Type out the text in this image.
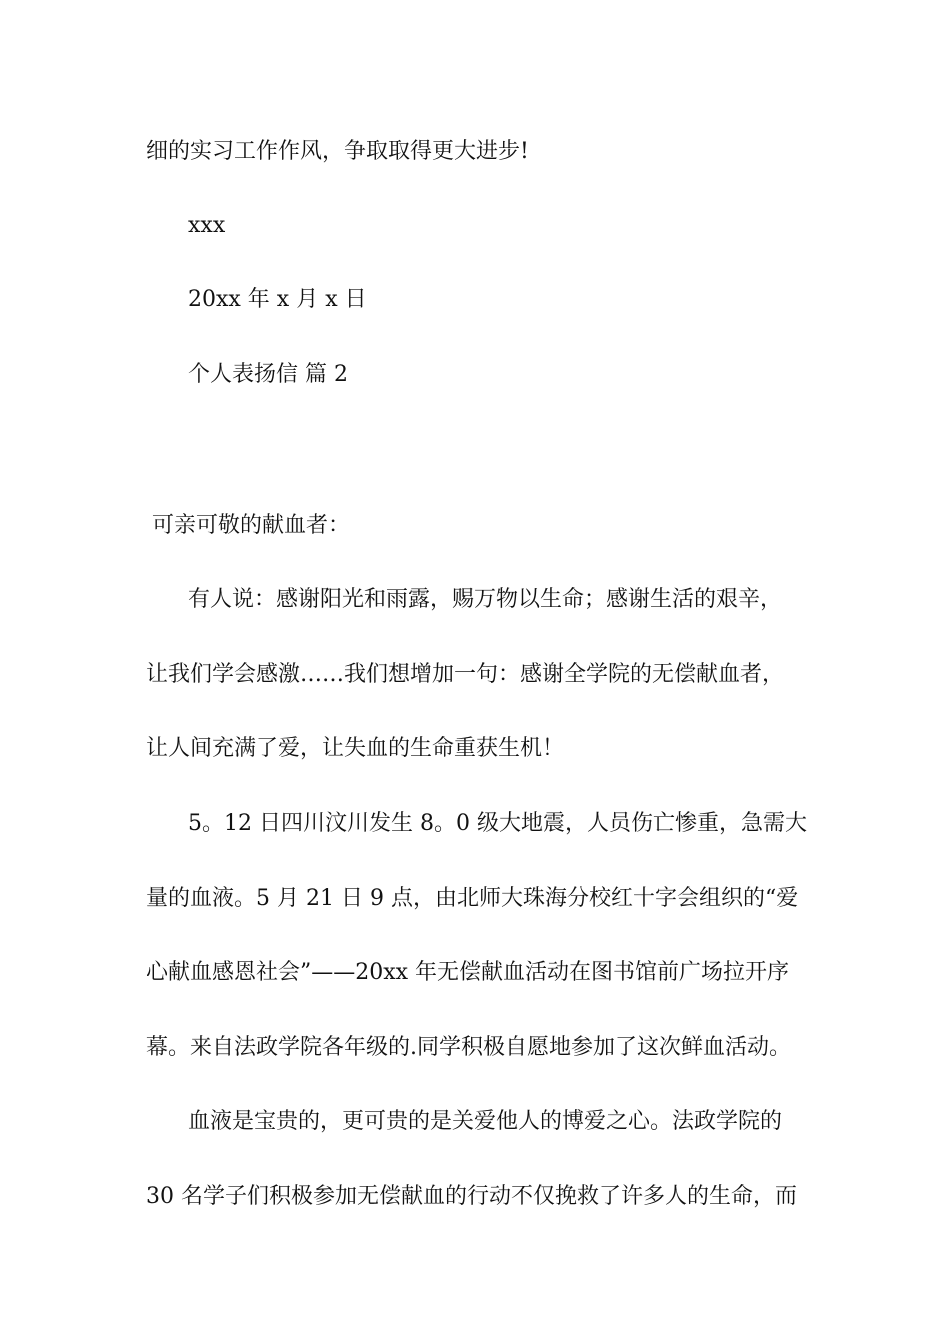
细的实习工作作风，争取取得更大进步!
xxx
20xx 年 x 月 x 日
个人表扬信 篇 2
可亲可敬的献血者：
有人说：感谢阳光和雨露，赐万物以生命；感谢生活的艰辛，
让我们学会感激……我们想增加一句：感谢全学院的无偿献血者，
让人间充满了爱，让失血的生命重获生机！
5。12 日四川汶川发生 8。0 级大地震，人员伤亡惨重，急需大
量的血液。5 月 21 日 9 点，由北师大珠海分校红十字会组织的“爱
心献血感恩社会”——20xx 年无偿献血活动在图书馆前广场拉开序
幕。来自法政学院各年级的.同学积极自愿地参加了这次鲜血活动。
血液是宝贵的，更可贵的是关爱他人的博爱之心。法政学院的
30 名学子们积极参加无偿献血的行动不仅挽救了许多人的生命，而
